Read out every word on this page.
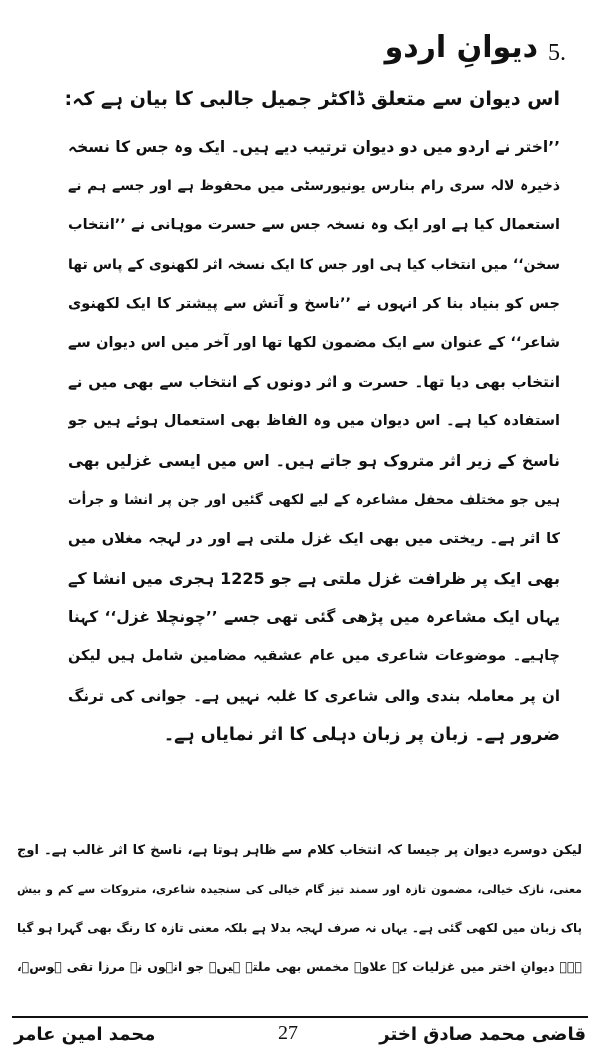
5.
دیوانِ اردو
اس دیوان سے متعلق ڈاکٹر جمیل جالبی کا بیان ہے کہ:
’’اختر نے اردو میں دو دیوان ترتیب دیے ہیں۔ ایک وہ جس کا نسخہ
ذخیرہ لالہ سری رام بنارس یونیورسٹی میں محفوظ ہے اور جسے ہم نے
استعمال کیا ہے اور ایک وہ نسخہ جس سے حسرت موہانی نے ’’انتخاب
سخن‘‘ میں انتخاب کیا ہی اور جس کا ایک نسخہ اثر لکھنوی کے پاس تھا
جس کو بنیاد بنا کر انہوں نے ’’ناسخ و آتش سے پیشتر کا ایک لکھنوی
شاعر‘‘ کے عنوان سے ایک مضمون لکھا تھا اور آخر میں اس دیوان سے
انتخاب بھی دیا تھا۔ حسرت و اثر دونوں کے انتخاب سے بھی میں نے
استفادہ کیا ہے۔ اس دیوان میں وہ الفاظ بھی استعمال ہوئے ہیں جو
ناسخ کے زیر اثر متروک ہو جاتے ہیں۔ اس میں ایسی غزلیں بھی
ہیں جو مختلف محفل مشاعرہ کے لیے لکھی گئیں اور جن پر انشا و جرأت
کا اثر ہے۔ ریختی میں بھی ایک غزل ملتی ہے اور در لہجہ مغلاں میں
بھی ایک پر ظرافت غزل ملتی ہے جو 1225 ہجری میں انشا کے
یہاں ایک مشاعرہ میں پڑھی گئی تھی جسے ’’چونچلا غزل‘‘ کہنا
چاہیے۔ موضوعات شاعری میں عام عشقیہ مضامین شامل ہیں لیکن
ان پر معاملہ بندی والی شاعری کا غلبہ نہیں ہے۔ جوانی کی ترنگ
ضرور ہے۔ زبان پر زبان دہلی کا اثر نمایاں ہے۔
لیکن دوسرے دیوان پر جیسا کہ انتخاب کلام سے ظاہر ہوتا ہے، ناسخ کا اثر غالب ہے۔ اوج
معنی، نازک خیالی، مضمون تازہ اور سمند تیز گام خیالی کی سنجیدہ شاعری، متروکات سے کم و بیش
پاک زبان میں لکھی گئی ہے۔ یہاں نہ صرف لہجہ بدلا ہے بلکہ معنی تازہ کا رنگ بھی گہرا ہو گیا
ہے۔ دیوانِ اختر میں غزلیات کے علاوہ مخمس بھی ملتے ہیں۔ جو انہوں نے مرزا تقی ہوسؔ،
محمد امین عامر	27	قاضی محمد صادق اختر
